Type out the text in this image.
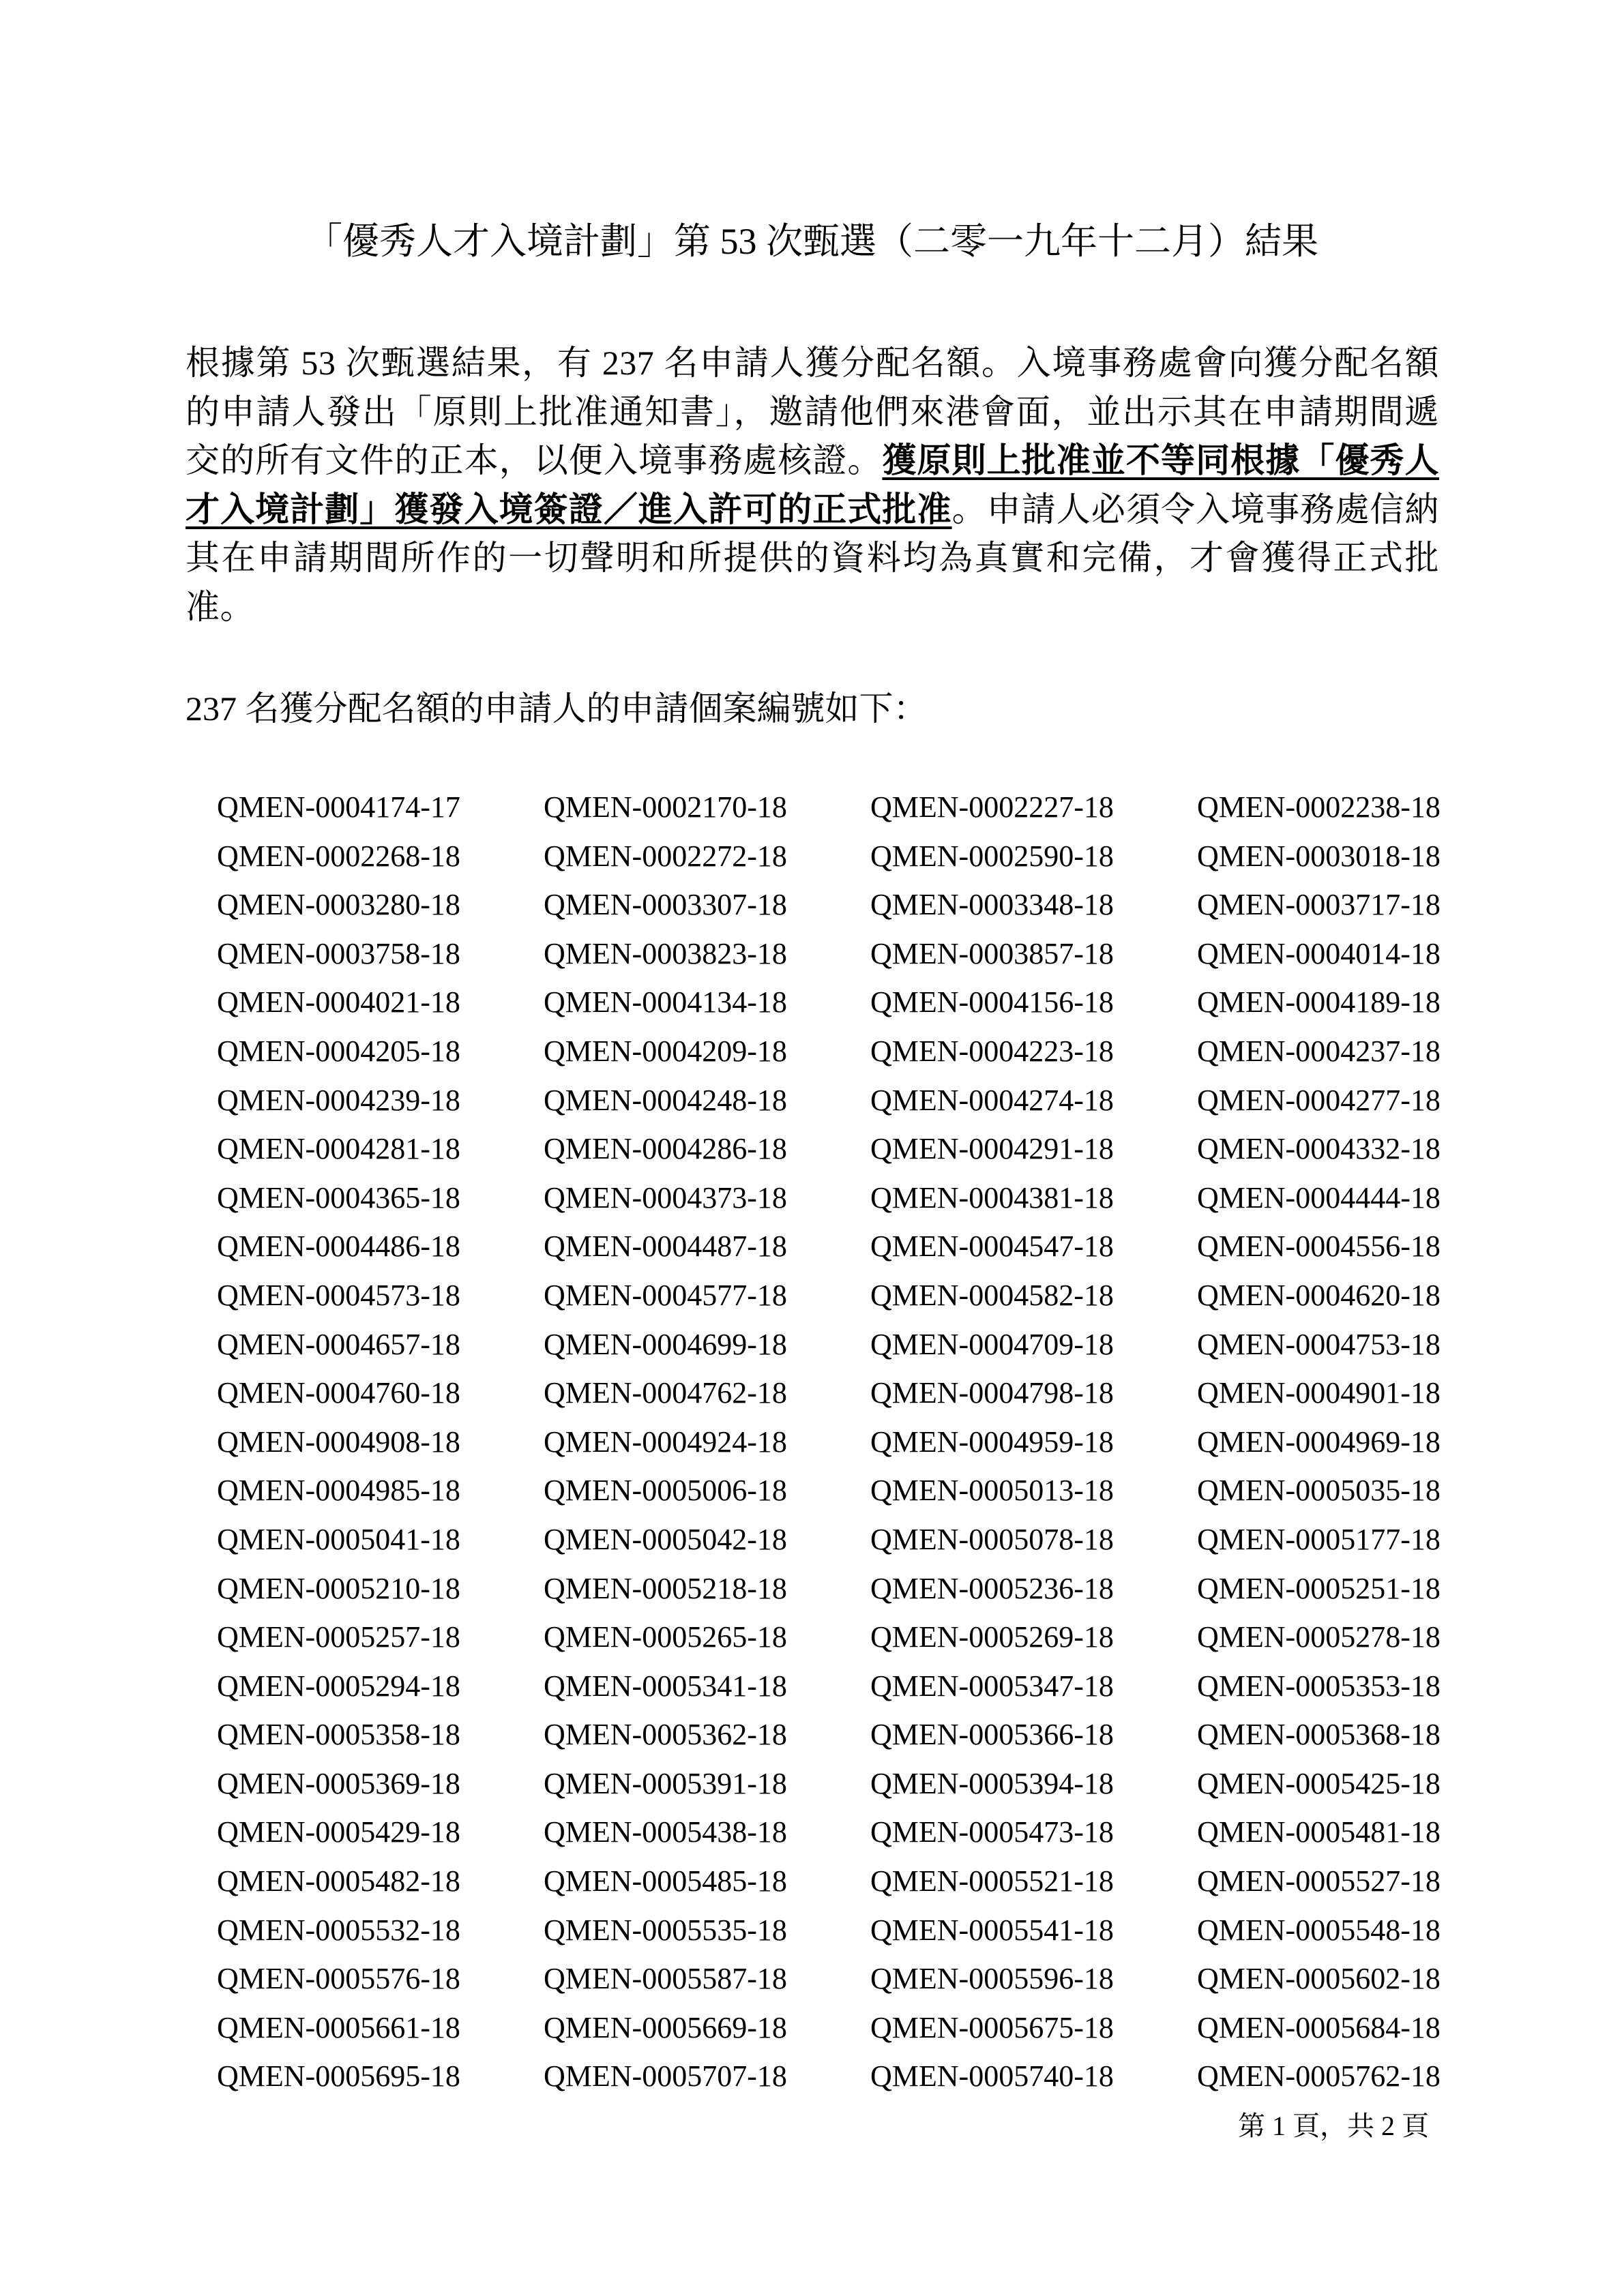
「優秀人才入境計劃」第 53 次甄選（二零一九年十二月）結果
根據第 53 次甄選結果，有 237 名申請人獲分配名額。入境事務處會向獲分配名額的申請人發出「原則上批准通知書」，邀請他們來港會面，並出示其在申請期間遞交的所有文件的正本，以便入境事務處核證。獲原則上批准並不等同根據「優秀人才入境計劃」獲發入境簽證／進入許可的正式批准。申請人必須令入境事務處信納其在申請期間所作的一切聲明和所提供的資料均為真實和完備，才會獲得正式批准。
237 名獲分配名額的申請人的申請個案編號如下：
QMEN-0004174-17	QMEN-0002170-18	QMEN-0002227-18	QMEN-0002238-18
QMEN-0002268-18	QMEN-0002272-18	QMEN-0002590-18	QMEN-0003018-18
QMEN-0003280-18	QMEN-0003307-18	QMEN-0003348-18	QMEN-0003717-18
QMEN-0003758-18	QMEN-0003823-18	QMEN-0003857-18	QMEN-0004014-18
QMEN-0004021-18	QMEN-0004134-18	QMEN-0004156-18	QMEN-0004189-18
QMEN-0004205-18	QMEN-0004209-18	QMEN-0004223-18	QMEN-0004237-18
QMEN-0004239-18	QMEN-0004248-18	QMEN-0004274-18	QMEN-0004277-18
QMEN-0004281-18	QMEN-0004286-18	QMEN-0004291-18	QMEN-0004332-18
QMEN-0004365-18	QMEN-0004373-18	QMEN-0004381-18	QMEN-0004444-18
QMEN-0004486-18	QMEN-0004487-18	QMEN-0004547-18	QMEN-0004556-18
QMEN-0004573-18	QMEN-0004577-18	QMEN-0004582-18	QMEN-0004620-18
QMEN-0004657-18	QMEN-0004699-18	QMEN-0004709-18	QMEN-0004753-18
QMEN-0004760-18	QMEN-0004762-18	QMEN-0004798-18	QMEN-0004901-18
QMEN-0004908-18	QMEN-0004924-18	QMEN-0004959-18	QMEN-0004969-18
QMEN-0004985-18	QMEN-0005006-18	QMEN-0005013-18	QMEN-0005035-18
QMEN-0005041-18	QMEN-0005042-18	QMEN-0005078-18	QMEN-0005177-18
QMEN-0005210-18	QMEN-0005218-18	QMEN-0005236-18	QMEN-0005251-18
QMEN-0005257-18	QMEN-0005265-18	QMEN-0005269-18	QMEN-0005278-18
QMEN-0005294-18	QMEN-0005341-18	QMEN-0005347-18	QMEN-0005353-18
QMEN-0005358-18	QMEN-0005362-18	QMEN-0005366-18	QMEN-0005368-18
QMEN-0005369-18	QMEN-0005391-18	QMEN-0005394-18	QMEN-0005425-18
QMEN-0005429-18	QMEN-0005438-18	QMEN-0005473-18	QMEN-0005481-18
QMEN-0005482-18	QMEN-0005485-18	QMEN-0005521-18	QMEN-0005527-18
QMEN-0005532-18	QMEN-0005535-18	QMEN-0005541-18	QMEN-0005548-18
QMEN-0005576-18	QMEN-0005587-18	QMEN-0005596-18	QMEN-0005602-18
QMEN-0005661-18	QMEN-0005669-18	QMEN-0005675-18	QMEN-0005684-18
QMEN-0005695-18	QMEN-0005707-18	QMEN-0005740-18	QMEN-0005762-18
第 1 頁，共 2 頁
